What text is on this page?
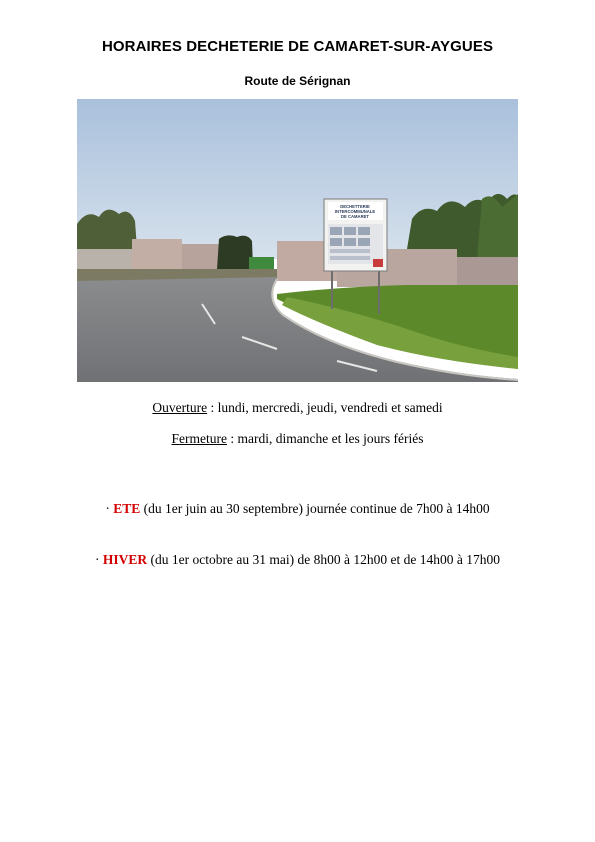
HORAIRES DECHETERIE DE CAMARET-SUR-AYGUES
Route de Sérignan
DECHETTERIE
INTERCOMMUNALE
DE CAMARET
Ouverture : lundi, mercredi, jeudi, vendredi et samedi
Fermeture : mardi, dimanche et les jours fériés
· ETE (du 1er juin au 30 septembre) journée continue de 7h00 à 14h00
· HIVER (du 1er octobre au 31 mai) de 8h00 à 12h00 et de 14h00 à 17h00
